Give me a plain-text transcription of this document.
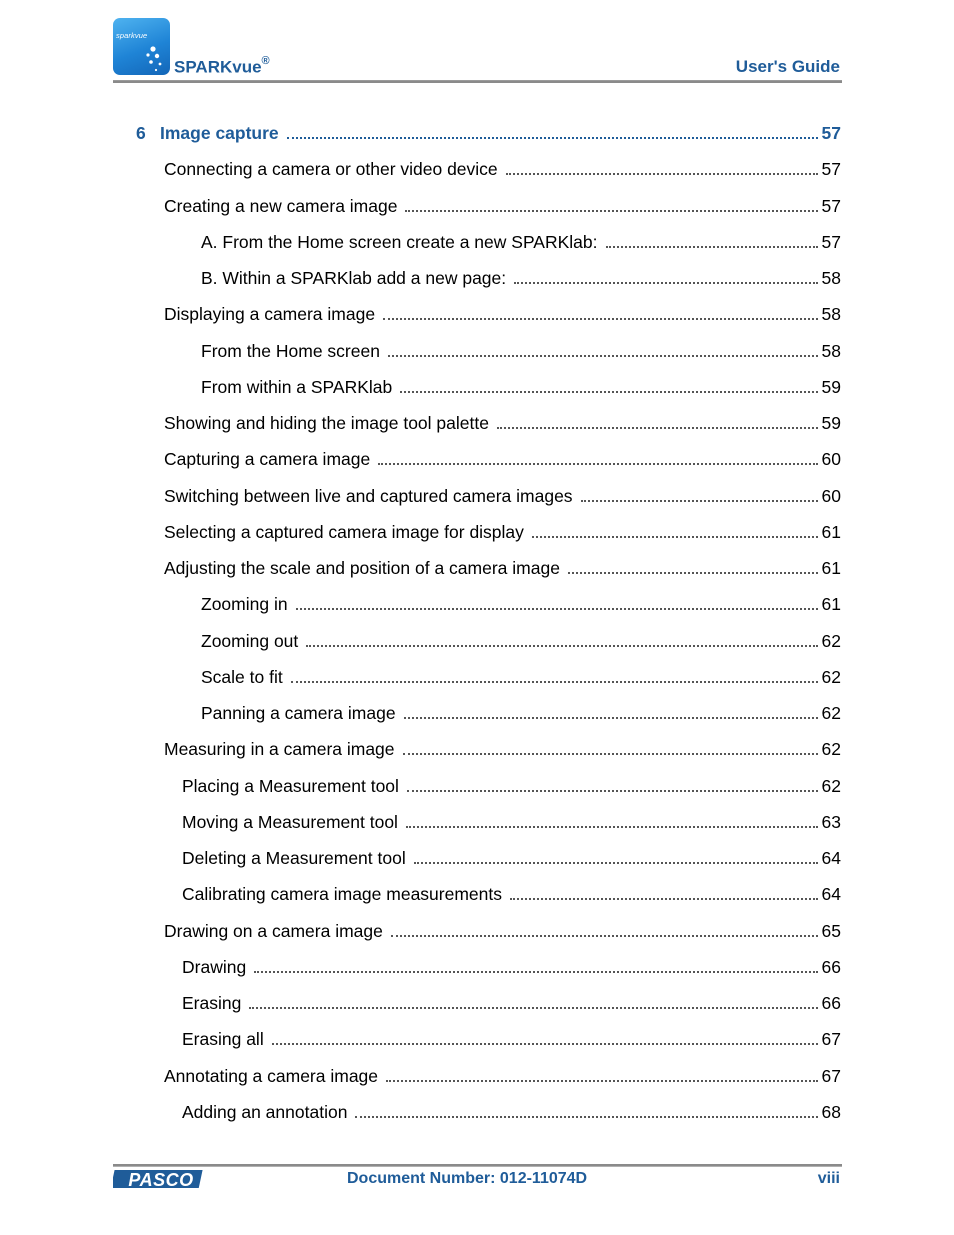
sparkvue
SPARKvue®	User's Guide
6 Image capture	57
Connecting a camera or other video device	57
Creating a new camera image	57
A. From the Home screen create a new SPARKlab:	57
B. Within a SPARKlab add a new page:	58
Displaying a camera image	58
From the Home screen	58
From within a SPARKlab	59
Showing and hiding the image tool palette	59
Capturing a camera image	60
Switching between live and captured camera images	60
Selecting a captured camera image for display	61
Adjusting the scale and position of a camera image	61
Zooming in	61
Zooming out	62
Scale to fit	62
Panning a camera image	62
Measuring in a camera image	62
Placing a Measurement tool	62
Moving a Measurement tool	63
Deleting a Measurement tool	64
Calibrating camera image measurements	64
Drawing on a camera image	65
Drawing	66
Erasing	66
Erasing all	67
Annotating a camera image	67
Adding an annotation	68
PASCO	Document Number: 012-11074D	viii
